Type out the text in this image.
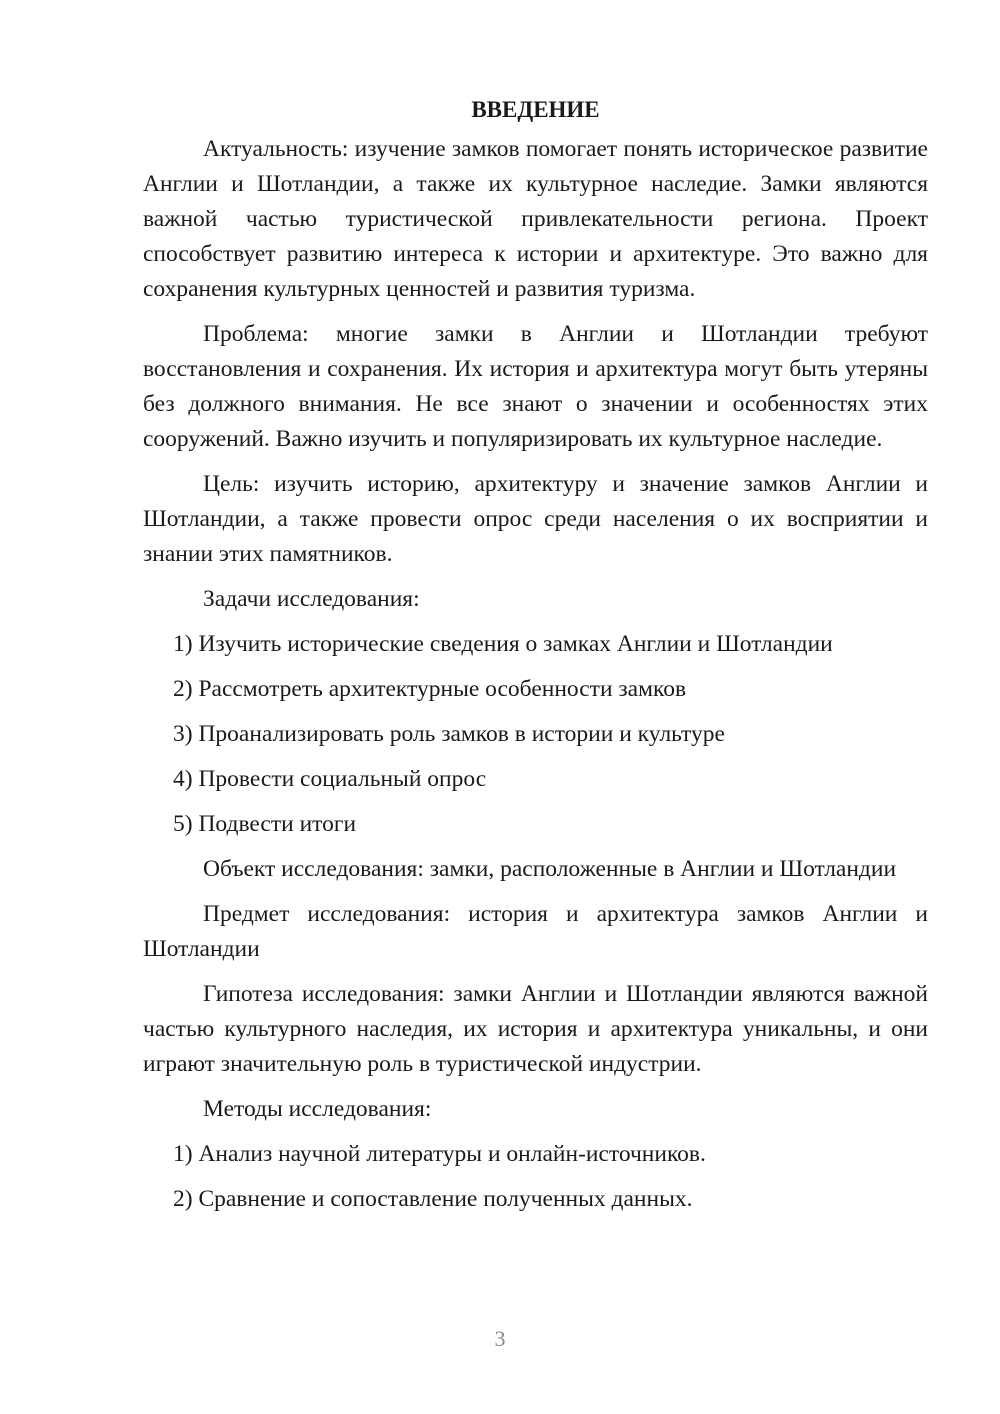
ВВЕДЕНИЕ

Актуальность: изучение замков помогает понять историческое развитие Англии и Шотландии, а также их культурное наследие. Замки являются важной частью туристической привлекательности региона. Проект способствует развитию интереса к истории и архитектуре. Это важно для сохранения культурных ценностей и развития туризма.

Проблема: многие замки в Англии и Шотландии требуют восстановления и сохранения. Их история и архитектура могут быть утеряны без должного внимания. Не все знают о значении и особенностях этих сооружений. Важно изучить и популяризировать их культурное наследие.

Цель: изучить историю, архитектуру и значение замков Англии и Шотландии, а также провести опрос среди населения о их восприятии и знании этих памятников.

Задачи исследования:
1) Изучить исторические сведения о замках Англии и Шотландии
2) Рассмотреть архитектурные особенности замков
3) Проанализировать роль замков в истории и культуре
4) Провести социальный опрос
5) Подвести итоги

Объект исследования: замки, расположенные в Англии и Шотландии

Предмет исследования: история и архитектура замков Англии и Шотландии

Гипотеза исследования: замки Англии и Шотландии являются важной частью культурного наследия, их история и архитектура уникальны, и они играют значительную роль в туристической индустрии.

Методы исследования:
1) Анализ научной литературы и онлайн-источников.
2) Сравнение и сопоставление полученных данных.
3
